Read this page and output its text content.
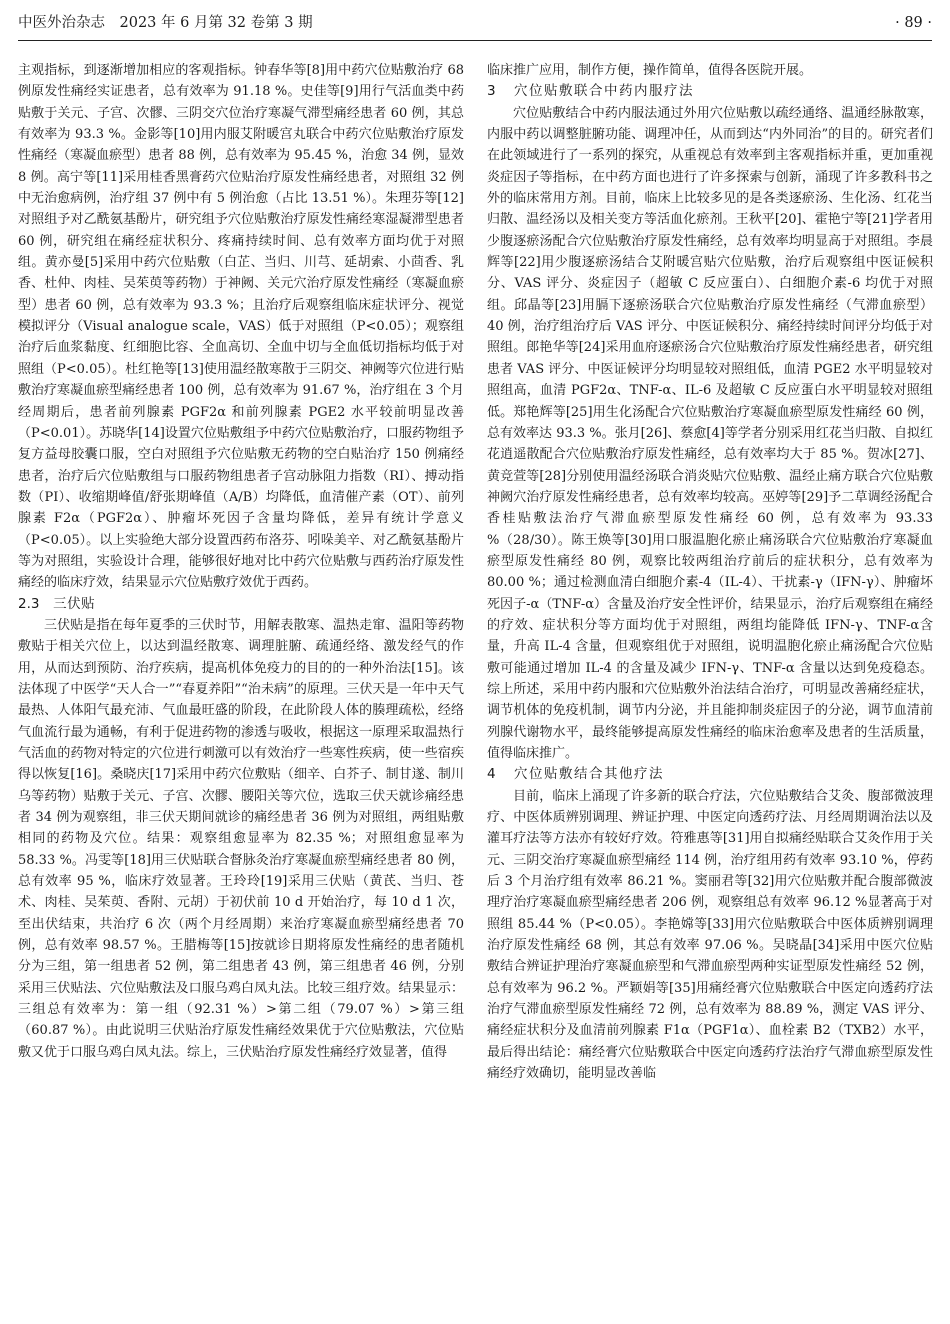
中医外治杂志　2023 年 6 月第 32 卷第 3 期	· 89 ·

主观指标，到逐渐增加相应的客观指标。钟春华等[8]用中药穴位贴敷治疗 68 例原发性痛经实证患者，总有效率为 91.18 %。史佳等[9]用行气活血类中药贴敷于关元、子宫、次髎、三阴交穴位治疗寒凝气滞型痛经患者 60 例，其总有效率为 93.3 %。金影等[10]用内服艾附暖宫丸联合中药穴位贴敷治疗原发性痛经（寒凝血瘀型）患者 88 例，总有效率为 95.45 %，治愈 34 例，显效 8 例。高宁等[11]采用桂香黑膏药穴位贴治疗原发性痛经患者，对照组 32 例中无治愈病例，治疗组 37 例中有 5 例治愈（占比 13.51 %）。朱理芬等[12]对照组予对乙酰氨基酚片，研究组予穴位贴敷治疗原发性痛经寒湿凝滞型患者 60 例，研究组在痛经症状积分、疼痛持续时间、总有效率方面均优于对照组。黄亦曼[5]采用中药穴位贴敷（白芷、当归、川芎、延胡索、小茴香、乳香、杜仲、肉桂、吴茱萸等药物）于神阙、关元穴治疗原发性痛经（寒凝血瘀型）患者 60 例，总有效率为 93.3 %；且治疗后观察组临床症状评分、视觉模拟评分（Visual analogue scale，VAS）低于对照组（P<0.05）；观察组治疗后血浆黏度、红细胞比容、全血高切、全血中切与全血低切指标均低于对照组（P<0.05）。杜红艳等[13]使用温经散寒散于三阴交、神阙等穴位进行贴敷治疗寒凝血瘀型痛经患者 100 例，总有效率为 91.67 %，治疗组在 3 个月经周期后，患者前列腺素 PGF2α 和前列腺素 PGE2 水平较前明显改善（P<0.01）。苏晓华[14]设置穴位贴敷组予中药穴位贴敷治疗，口服药物组予复方益母胶囊口服，空白对照组予穴位贴敷无药物的空白贴治疗 150 例痛经患者，治疗后穴位贴敷组与口服药物组患者子宫动脉阻力指数（RI）、搏动指数（PI）、收缩期峰值/舒张期峰值（A/B）均降低，血清催产素（OT）、前列腺素 F2α（PGF2α）、肿瘤坏死因子含量均降低，差异有统计学意义（P<0.05）。以上实验绝大部分设置西药布洛芬、吲哚美辛、对乙酰氨基酚片等为对照组，实验设计合理，能够很好地对比中药穴位贴敷与西药治疗原发性痛经的临床疗效，结果显示穴位贴敷疗效优于西药。

2.3 三伏贴

三伏贴是指在每年夏季的三伏时节，用解表散寒、温热走窜、温阳等药物敷贴于相关穴位上，以达到温经散寒、调理脏腑、疏通经络、激发经气的作用，从而达到预防、治疗疾病，提高机体免疫力的目的的一种外治法[15]。该法体现了中医学“天人合一”“春夏养阳”“治未病”的原理。三伏天是一年中天气最热、人体阳气最充沛、气血最旺盛的阶段，在此阶段人体的腠理疏松，经络气血流行最为通畅，有利于促进药物的渗透与吸收，根据这一原理采取温热行气活血的药物对特定的穴位进行刺激可以有效治疗一些寒性疾病，使一些宿疾得以恢复[16]。桑晓庆[17]采用中药穴位敷贴（细辛、白芥子、制甘遂、制川乌等药物）贴敷于关元、子宫、次髎、腰阳关等穴位，选取三伏天就诊痛经患者 34 例为观察组，非三伏天期间就诊的痛经患者 36 例为对照组，两组贴敷相同的药物及穴位。结果：观察组愈显率为 82.35 %；对照组愈显率为 58.33 %。冯雯等[18]用三伏贴联合督脉灸治疗寒凝血瘀型痛经患者 80 例，总有效率 95 %，临床疗效显著。王玲玲[19]采用三伏贴（黄芪、当归、苍术、肉桂、吴茱萸、香附、元胡）于初伏前 10 d 开始治疗，每 10 d 1 次，至出伏结束，共治疗 6 次（两个月经周期）来治疗寒凝血瘀型痛经患者 70 例，总有效率 98.57 %。王腊梅等[15]按就诊日期将原发性痛经的患者随机分为三组，第一组患者 52 例，第二组患者 43 例，第三组患者 46 例，分别采用三伏贴法、穴位贴敷法及口服乌鸡白凤丸法。比较三组疗效。结果显示：三组总有效率为：第一组（92.31 %）>第二组（79.07 %）>第三组（60.87 %）。由此说明三伏贴治疗原发性痛经效果优于穴位贴敷法，穴位贴敷又优于口服乌鸡白凤丸法。综上，三伏贴治疗原发性痛经疗效显著，值得

临床推广应用，制作方便，操作简单，值得各医院开展。

3 穴位贴敷联合中药内服疗法

穴位贴敷结合中药内服法通过外用穴位贴敷以疏经通络、温通经脉散寒，内服中药以调整脏腑功能、调理冲任，从而到达“内外同治”的目的。研究者们在此领域进行了一系列的探究，从重视总有效率到主客观指标并重，更加重视炎症因子等指标，在中药方面也进行了许多探索与创新，涌现了许多教科书之外的临床常用方剂。目前，临床上比较多见的是各类逐瘀汤、生化汤、红花当归散、温经汤以及相关变方等活血化瘀剂。王秋平[20]、霍艳宁等[21]学者用少腹逐瘀汤配合穴位贴敷治疗原发性痛经，总有效率均明显高于对照组。李晨辉等[22]用少腹逐瘀汤结合艾附暖宫贴穴位贴敷，治疗后观察组中医证候积分、VAS 评分、炎症因子（超敏 C 反应蛋白）、白细胞介素-6 均优于对照组。邱晶等[23]用膈下逐瘀汤联合穴位贴敷治疗原发性痛经（气滞血瘀型）40 例，治疗组治疗后 VAS 评分、中医证候积分、痛经持续时间评分均低于对照组。郎艳华等[24]采用血府逐瘀汤合穴位贴敷治疗原发性痛经患者，研究组患者 VAS 评分、中医证候评分均明显较对照组低，血清 PGE2 水平明显较对照组高，血清 PGF2α、TNF-α、IL-6 及超敏 C 反应蛋白水平明显较对照组低。郑艳辉等[25]用生化汤配合穴位贴敷治疗寒凝血瘀型原发性痛经 60 例，总有效率达 93.3 %。张月[26]、蔡愈[4]等学者分别采用红花当归散、自拟红花逍遥散配合穴位贴敷治疗原发性痛经，总有效率均大于 85 %。贺冰[27]、黄竞萱等[28]分别使用温经汤联合消炎贴穴位贴敷、温经止痛方联合穴位贴敷神阙穴治疗原发性痛经患者，总有效率均较高。巫婷等[29]予二草调经汤配合香桂贴敷法治疗气滞血瘀型原发性痛经 60 例，总有效率为 93.33 %（28/30）。陈王焕等[30]用口服温胞化瘀止痛汤联合穴位贴敷治疗寒凝血瘀型原发性痛经 80 例，观察比较两组治疗前后的症状积分，总有效率为 80.00 %；通过检测血清白细胞介素-4（IL-4）、干扰素-γ（IFN-γ）、肿瘤坏死因子-α（TNF-α）含量及治疗安全性评价，结果显示，治疗后观察组在痛经的疗效、症状积分等方面均优于对照组，两组均能降低 IFN-γ、TNF-α含量，升高 IL-4 含量，但观察组优于对照组，说明温胞化瘀止痛汤配合穴位贴敷可能通过增加 IL-4 的含量及减少 IFN-γ、TNF-α 含量以达到免疫稳态。综上所述，采用中药内服和穴位贴敷外治法结合治疗，可明显改善痛经症状，调节机体的免疫机制，调节内分泌，并且能抑制炎症因子的分泌，调节血清前列腺代谢物水平，最终能够提高原发性痛经的临床治愈率及患者的生活质量，值得临床推广。

4 穴位贴敷结合其他疗法

目前，临床上涌现了许多新的联合疗法，穴位贴敷结合艾灸、腹部微波理疗、中医体质辨别调理、辨证护理、中医定向透药疗法、月经周期调治法以及灌耳疗法等方法亦有较好疗效。符雅惠等[31]用自拟痛经贴联合艾灸作用于关元、三阴交治疗寒凝血瘀型痛经 114 例，治疗组用药有效率 93.10 %，停药后 3 个月治疗组有效率 86.21 %。窦丽君等[32]用穴位贴敷并配合腹部微波理疗治疗寒凝血瘀型痛经患者 206 例，观察组总有效率 96.12 %显著高于对照组 85.44 %（P<0.05）。李艳嫦等[33]用穴位贴敷联合中医体质辨别调理治疗原发性痛经 68 例，其总有效率 97.06 %。吴晓晶[34]采用中医穴位贴敷结合辨证护理治疗寒凝血瘀型和气滞血瘀型两种实证型原发性痛经 52 例，总有效率为 96.2 %。严颖娟等[35]用痛经膏穴位贴敷联合中医定向透药疗法治疗气滞血瘀型原发性痛经 72 例，总有效率为 88.89 %，测定 VAS 评分、痛经症状积分及血清前列腺素 F1α（PGF1α）、血栓素 B2（TXB2）水平，最后得出结论：痛经膏穴位贴敷联合中医定向透药疗法治疗气滞血瘀型原发性痛经疗效确切，能明显改善临
